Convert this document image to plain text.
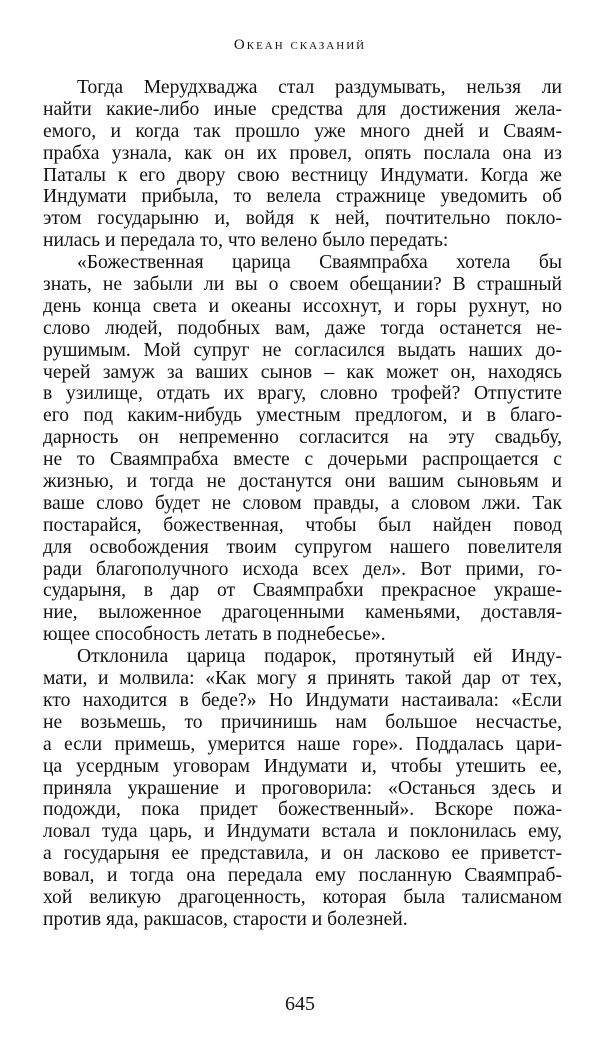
Океан сказаний
Тогда Мерудхваджа стал раздумывать, нельзя ли
найти какие-либо иные средства для достижения жела-
емого, и когда так прошло уже много дней и Сваям-
прабха узнала, как он их провел, опять послала она из
Паталы к его двору свою вестницу Индумати. Когда же
Индумати прибыла, то велела стражнице уведомить об
этом государыню и, войдя к ней, почтительно покло-
нилась и передала то, что велено было передать:
«Божественная царица Сваямпрабха хотела бы
знать, не забыли ли вы о своем обещании? В страшный
день конца света и океаны иссохнут, и горы рухнут, но
слово людей, подобных вам, даже тогда останется не-
рушимым. Мой супруг не согласился выдать наших до-
черей замуж за ваших сынов – как может он, находясь
в узилище, отдать их врагу, словно трофей? Отпустите
его под каким-нибудь уместным предлогом, и в благо-
дарность он непременно согласится на эту свадьбу,
не то Сваямпрабха вместе с дочерьми распрощается с
жизнью, и тогда не достанутся они вашим сыновьям и
ваше слово будет не словом правды, а словом лжи. Так
постарайся, божественная, чтобы был найден повод
для освобождения твоим супругом нашего повелителя
ради благополучного исхода всех дел». Вот прими, го-
сударыня, в дар от Сваямпрабхи прекрасное украше-
ние, выложенное драгоценными каменьями, доставля-
ющее способность летать в поднебесье».
Отклонила царица подарок, протянутый ей Инду-
мати, и молвила: «Как могу я принять такой дар от тех,
кто находится в беде?» Но Индумати настаивала: «Если
не возьмешь, то причинишь нам большое несчастье,
а если примешь, умерится наше горе». Поддалась цари-
ца усердным уговорам Индумати и, чтобы утешить ее,
приняла украшение и проговорила: «Останься здесь и
подожди, пока придет божественный». Вскоре пожа-
ловал туда царь, и Индумати встала и поклонилась ему,
а государыня ее представила, и он ласково ее приветст-
вовал, и тогда она передала ему посланную Сваямпраб-
хой великую драгоценность, которая была талисманом
против яда, ракшасов, старости и болезней.
645
